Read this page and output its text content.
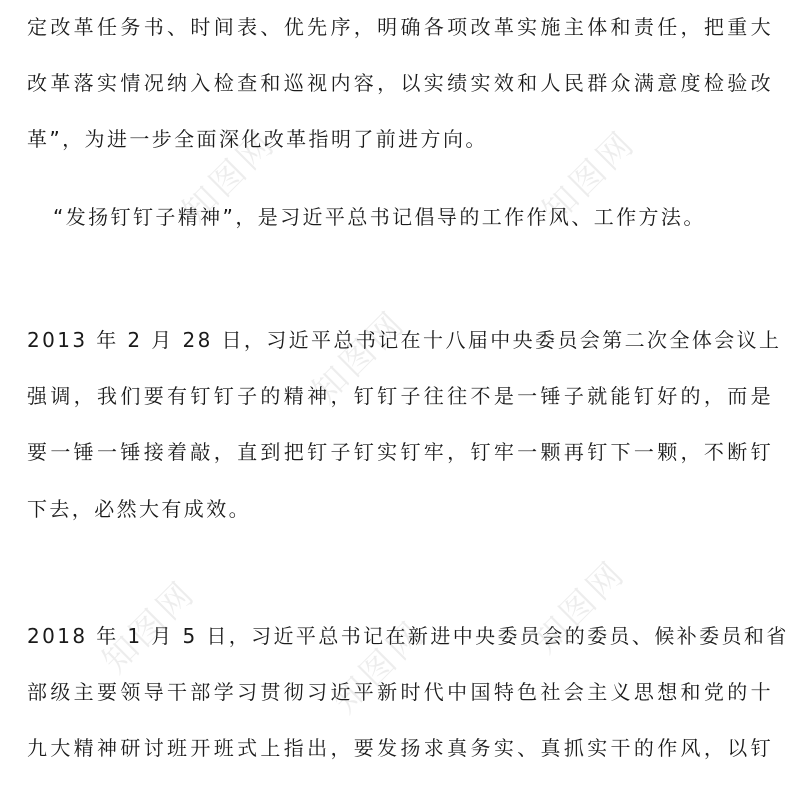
知图网	知图网
知图网
知图网	知图网
知图网
定改革任务书、时间表、优先序，明确各项改革实施主体和责任，把重大
改革落实情况纳入检查和巡视内容，以实绩实效和人民群众满意度检验改
革”，为进一步全面深化改革指明了前进方向。
“发扬钉钉子精神”，是习近平总书记倡导的工作作风、工作方法。
2013 年 2 月 28 日，习近平总书记在十八届中央委员会第二次全体会议上
强调，我们要有钉钉子的精神，钉钉子往往不是一锤子就能钉好的，而是
要一锤一锤接着敲，直到把钉子钉实钉牢，钉牢一颗再钉下一颗，不断钉
下去，必然大有成效。
2018 年 1 月 5 日，习近平总书记在新进中央委员会的委员、候补委员和省
部级主要领导干部学习贯彻习近平新时代中国特色社会主义思想和党的十
九大精神研讨班开班式上指出，要发扬求真务实、真抓实干的作风，以钉
